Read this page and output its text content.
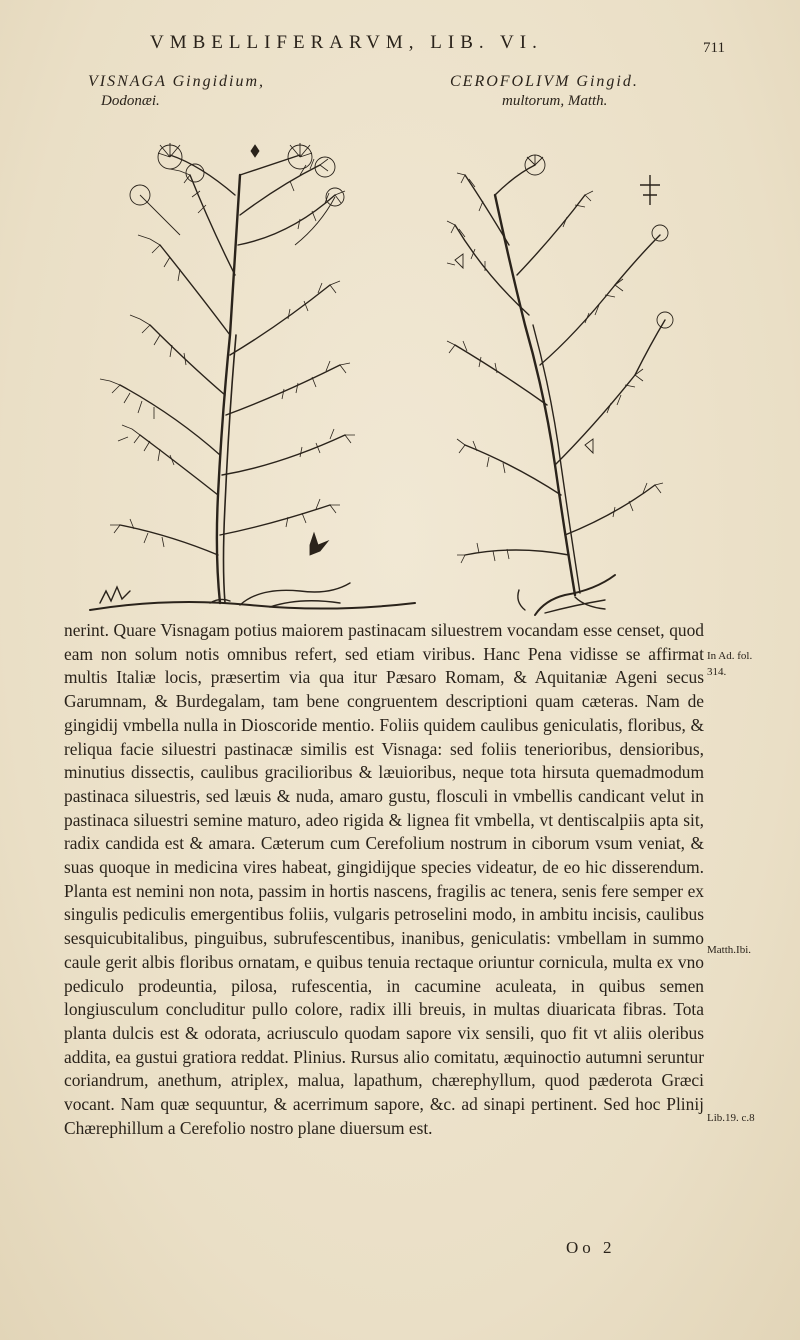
VMBELLIFERARVM, LIB. VI.	711
VISNAGA Gingidium,
Dodonæi.
CEROFOLIVM Gingid.
multorum, Matth.

nerint. Quare Visnagam potius maiorem pastinacam siluestrem vocandam esse censet, quod eam non solum notis omnibus refert, sed etiam viribus. Hanc Pena vidisse se affirmat multis Italiæ locis, præsertim via qua itur Pæsaro Romam, & Aquitaniæ Ageni secus Garumnam, & Burdegalam, tam bene congruentem descriptioni quam cæteras. Nam de gingidij vmbella nulla in Dioscoride mentio. Foliis quidem caulibus geniculatis, floribus, & reliqua facie siluestri pastinacæ similis est Visnaga: sed foliis tenerioribus, densioribus, minutius dissectis, caulibus gracilioribus & læuioribus, neque tota hirsuta quemadmodum pastinaca siluestris, sed læuis & nuda, amaro gustu, flosculi in vmbellis candicant velut in pastinaca siluestri semine maturo, adeo rigida & lignea fit vmbella, vt dentiscalpiis apta sit, radix candida est & amara. Cæterum cum Cerefolium nostrum in ciborum vsum veniat, & suas quoque in medicina vires habeat, gingidijque species videatur, de eo hic disserendum. Planta est nemini non nota, passim in hortis nascens, fragilis ac tenera, senis fere semper ex singulis pediculis emergentibus foliis, vulgaris petroselini modo, in ambitu incisis, caulibus sesquicubitalibus, pinguibus, subrufescentibus, inanibus, geniculatis: vmbellam in summo caule gerit albis floribus ornatam, e quibus tenuia rectaque oriuntur cornicula, multa ex vno pediculo prodeuntia, pilosa, rufescentia, in cacumine aculeata, in quibus semen longiusculum concluditur pullo colore, radix illi breuis, in multas diuaricata fibras. Tota planta dulcis est & odorata, acriusculo quodam sapore vix sensili, quo fit vt aliis oleribus addita, ea gustui gratiora reddat. Plinius. Rursus alio comitatu, æquinoctio autumni seruntur coriandrum, anethum, atriplex, malua, lapathum, chærephyllum, quod pæderota Græci vocant. Nam quæ sequuntur, & acerrimum sapore, &c. ad sinapi pertinent. Sed hoc Plinij Chærephillum a Cerefolio nostro plane diuersum est.

In Ad. fol.
314.
Matth.Ibi.
Lib.19. c.8
Oo 2
